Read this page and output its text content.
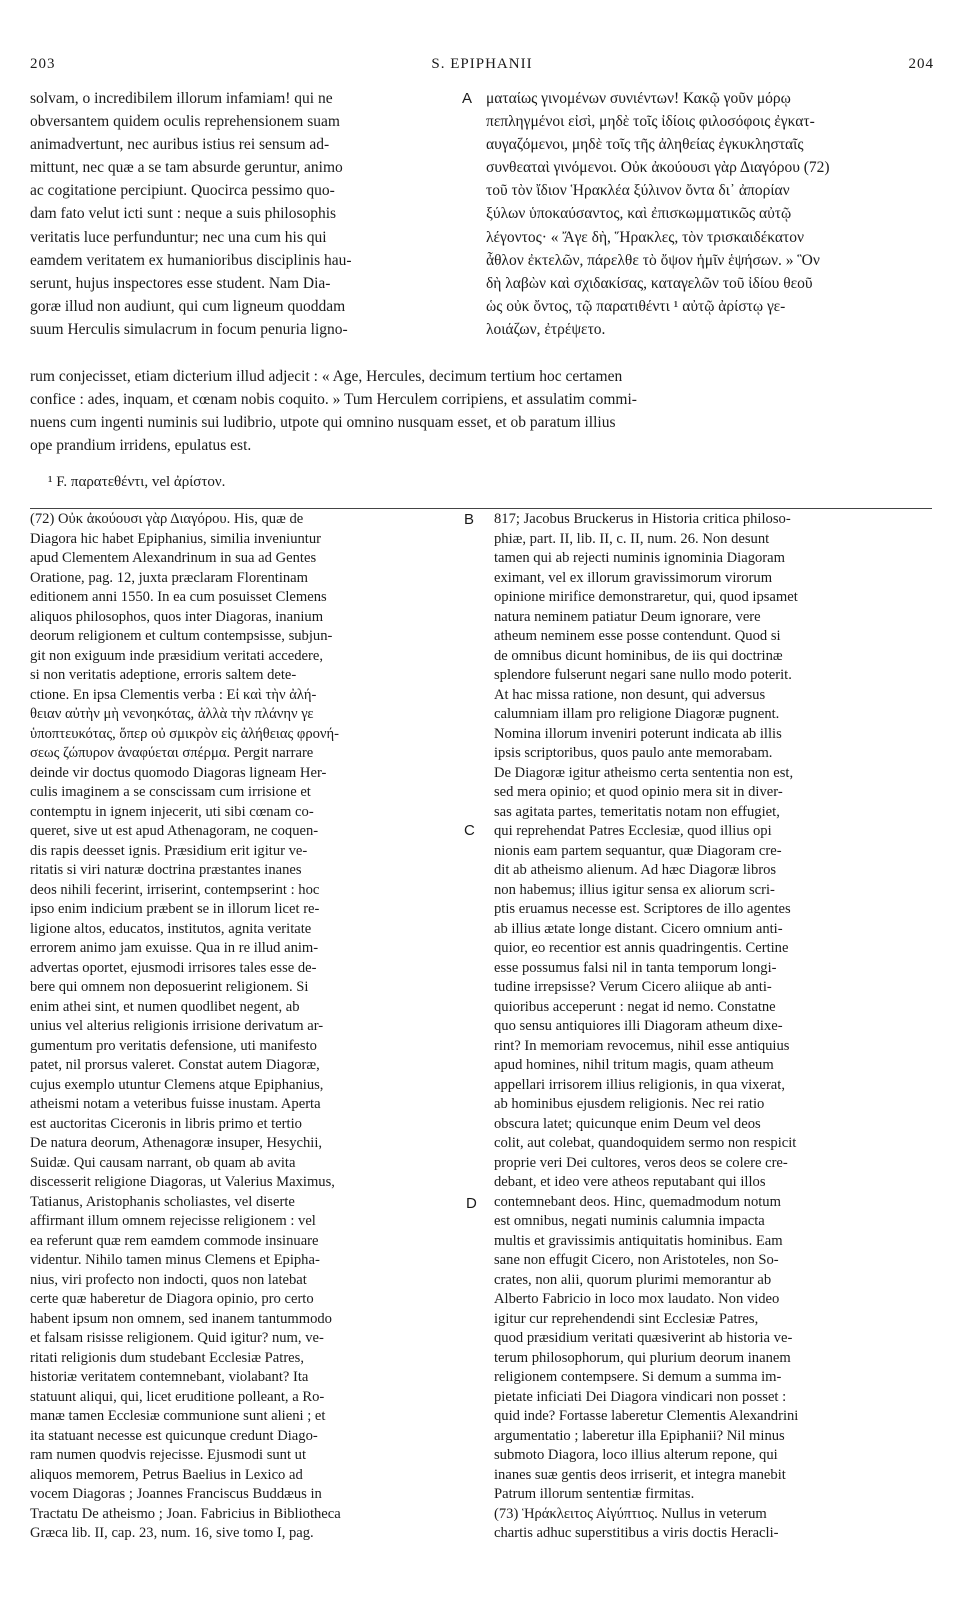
203	S. EPIPHANII	204
solvam, o incredibilem illorum infamiam! qui ne
obversantem quidem oculis reprehensionem suam
animadvertunt, nec auribus istius rei sensum ad-
mittunt, nec quæ a se tam absurde geruntur, animo
ac cogitatione percipiunt. Quocirca pessimo quo-
dam fato velut icti sunt : neque a suis philosophis
veritatis luce perfunduntur; nec una cum his qui
eamdem veritatem ex humanioribus disciplinis hau-
serunt, hujus inspectores esse student. Nam Dia-
goræ illud non audiunt, qui cum ligneum quoddam
suum Herculis simulacrum in focum penuria ligno-
ματαίως γινομένων συνιέντων! Κακῷ γοῦν μόρῳ
πεπληγμένοι εἰσὶ, μηδὲ τοῖς ἰδίοις φιλοσόφοις ἐγκατ-
αυγαζόμενοι, μηδὲ τοῖς τῆς ἀληθείας ἐγκυκλησταῖς
συνθεαταὶ γινόμενοι. Οὐκ ἀκούουσι γὰρ Διαγόρου (72)
τοῦ τὸν ἴδιον Ἡρακλέα ξύλινον ὄντα δι᾽ ἀπορίαν
ξύλων ὑποκαύσαντος, καὶ ἐπισκωμματικῶς αὐτῷ
λέγοντος· « Ἄγε δὴ, Ἥρακλες, τὸν τρισκαιδέκατον
ἆθλον ἐκτελῶν, πάρελθε τὸ ὄψον ἡμῖν ἑψήσων. » Ὃν
δὴ λαβὼν καὶ σχιδακίσας, καταγελῶν τοῦ ἰδίου θεοῦ
ὡς οὐκ ὄντος, τῷ παρατιθέντι ¹ αὐτῷ ἀρίστῳ γε-
λοιάζων, ἐτρέψετο.
A
rum conjecisset, etiam dicterium illud adjecit : « Age, Hercules, decimum tertium hoc certamen
confice : ades, inquam, et cœnam nobis coquito. » Tum Herculem corripiens, et assulatim commi-
nuens cum ingenti numinis sui ludibrio, utpote qui omnino nusquam esset, et ob paratum illius
ope prandium irridens, epulatus est.
¹ F. παρατεθέντι, vel ἀρίστον.
(72) Οὐκ ἀκούουσι γὰρ Διαγόρου. His, quæ de
Diagora hic habet Epiphanius, similia inveniuntur
apud Clementem Alexandrinum in sua ad Gentes
Oratione, pag. 12, juxta præclaram Florentinam
editionem anni 1550. In ea cum posuisset Clemens
aliquos philosophos, quos inter Diagoras, inanium
deorum religionem et cultum contempsisse, subjun-
git non exiguum inde præsidium veritati accedere,
si non veritatis adeptione, erroris saltem dete-
ctione. En ipsa Clementis verba : Εἰ καὶ τὴν ἀλή-
θειαν αὐτὴν μὴ νενοηκότας, ἀλλὰ τὴν πλάνην γε
ὑποπτευκότας, ὅπερ οὐ σμικρὸν εἰς ἀλήθειας φρονή-
σεως ζώπυρον ἀναφύεται σπέρμα. Pergit narrare
deinde vir doctus quomodo Diagoras ligneam Her-
culis imaginem a se conscissam cum irrisione et
contemptu in ignem injecerit, uti sibi cœnam co-
queret, sive ut est apud Athenagoram, ne coquen-
dis rapis deesset ignis. Præsidium erit igitur ve-
ritatis si viri naturæ doctrina præstantes inanes
deos nihili fecerint, irriserint, contempserint : hoc
ipso enim indicium præbent se in illorum licet re-
ligione altos, educatos, institutos, agnita veritate
errorem animo jam exuisse. Qua in re illud anim-
advertas oportet, ejusmodi irrisores tales esse de-
bere qui omnem non deposuerint religionem. Si
enim athei sint, et numen quodlibet negent, ab
unius vel alterius religionis irrisione derivatum ar-
gumentum pro veritatis defensione, uti manifesto
patet, nil prorsus valeret. Constat autem Diagoræ,
cujus exemplo utuntur Clemens atque Epiphanius,
atheismi notam a veteribus fuisse inustam. Aperta
est auctoritas Ciceronis in libris primo et tertio
De natura deorum, Athenagoræ insuper, Hesychii,
Suidæ. Qui causam narrant, ob quam ab avita
discesserit religione Diagoras, ut Valerius Maximus,
Tatianus, Aristophanis scholiastes, vel diserte
affirmant illum omnem rejecisse religionem : vel
ea referunt quæ rem eamdem commode insinuare
videntur. Nihilo tamen minus Clemens et Epipha-
nius, viri profecto non indocti, quos non latebat
certe quæ haberetur de Diagora opinio, pro certo
habent ipsum non omnem, sed inanem tantummodo
et falsam risisse religionem. Quid igitur? num, ve-
ritati religionis dum studebant Ecclesiæ Patres,
historiæ veritatem contemnebant, violabant? Ita
statuunt aliqui, qui, licet eruditione polleant, a Ro-
manæ tamen Ecclesiæ communione sunt alieni ; et
ita statuant necesse est quicunque credunt Diago-
ram numen quodvis rejecisse. Ejusmodi sunt ut
aliquos memorem, Petrus Baelius in Lexico ad
vocem Diagoras ; Joannes Franciscus Buddæus in
Tractatu De atheismo ; Joan. Fabricius in Bibliotheca
Græca lib. II, cap. 23, num. 16, sive tomo I, pag.
817; Jacobus Bruckerus in Historia critica philoso-
phiæ, part. II, lib. II, c. II, num. 26. Non desunt
tamen qui ab rejecti numinis ignominia Diagoram
eximant, vel ex illorum gravissimorum virorum
opinione mirifice demonstraretur, qui, quod ipsamet
natura neminem patiatur Deum ignorare, vere
atheum neminem esse posse contendunt. Quod si
de omnibus dicunt hominibus, de iis qui doctrinæ
splendore fulserunt negari sane nullo modo poterit.
At hac missa ratione, non desunt, qui adversus
calumniam illam pro religione Diagoræ pugnent.
Nomina illorum inveniri poterunt indicata ab illis
ipsis scriptoribus, quos paulo ante memorabam.
De Diagoræ igitur atheismo certa sententia non est,
sed mera opinio; et quod opinio mera sit in diver-
sas agitata partes, temeritatis notam non effugiet,
qui reprehendat Patres Ecclesiæ, quod illius opi
nionis eam partem sequantur, quæ Diagoram cre-
dit ab atheismo alienum. Ad hæc Diagoræ libros
non habemus; illius igitur sensa ex aliorum scri-
ptis eruamus necesse est. Scriptores de illo agentes
ab illius ætate longe distant. Cicero omnium anti-
quior, eo recentior est annis quadringentis. Certine
esse possumus falsi nil in tanta temporum longi-
tudine irrepsisse? Verum Cicero aliique ab anti-
quioribus acceperunt : negat id nemo. Constatne
quo sensu antiquiores illi Diagoram atheum dixe-
rint? In memoriam revocemus, nihil esse antiquius
apud homines, nihil tritum magis, quam atheum
appellari irrisorem illius religionis, in qua vixerat,
ab hominibus ejusdem religionis. Nec rei ratio
obscura latet; quicunque enim Deum vel deos
colit, aut colebat, quandoquidem sermo non respicit
proprie veri Dei cultores, veros deos se colere cre-
debant, et ideo vere atheos reputabant qui illos
contemnebant deos. Hinc, quemadmodum notum
est omnibus, negati numinis calumnia impacta
multis et gravissimis antiquitatis hominibus. Eam
sane non effugit Cicero, non Aristoteles, non So-
crates, non alii, quorum plurimi memorantur ab
Alberto Fabricio in loco mox laudato. Non video
igitur cur reprehendendi sint Ecclesiæ Patres,
quod præsidium veritati quæsiverint ab historia ve-
terum philosophorum, qui plurium deorum inanem
religionem contempsere. Si demum a summa im-
pietate inficiati Dei Diagora vindicari non posset :
quid inde? Fortasse laberetur Clementis Alexandrini
argumentatio ; laberetur illa Epiphanii? Nil minus
submoto Diagora, loco illius alterum repone, qui
inanes suæ gentis deos irriserit, et integra manebit
Patrum illorum sententiæ firmitas.
(73) Ἡράκλειτος Αἰγύπτιος. Nullus in veterum
chartis adhuc superstitibus a viris doctis Heracli-
B
C
D
